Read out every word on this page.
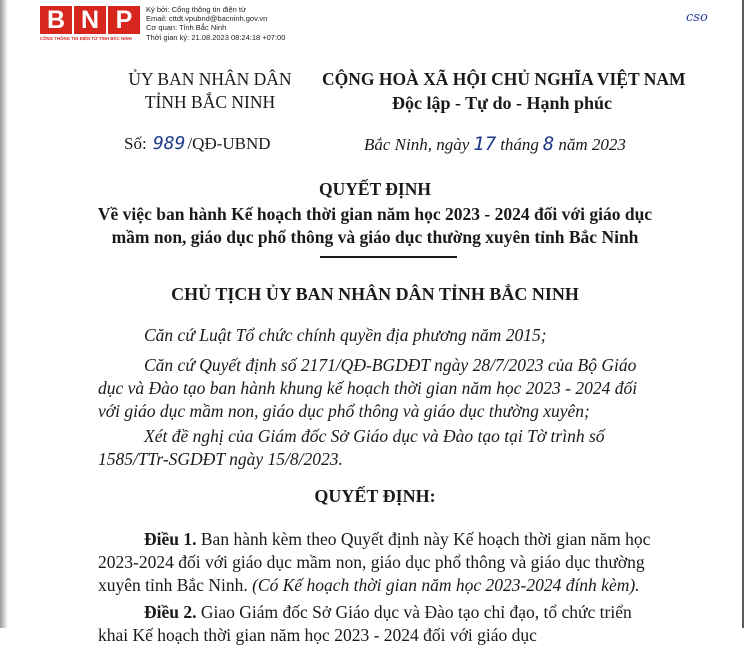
B N P
CỔNG THÔNG TIN ĐIỆN TỬ TỈNH BẮC NINH
Ký bởi: Cổng thông tin điện tử
Email: cttdt.vpubnd@bacninh.gov.vn
Cơ quan: Tỉnh Bắc Ninh
Thời gian ký: 21.08.2023 08:24:18 +07:00
cso
ỦY BAN NHÂN DÂN
TỈNH BẮC NINH
CỘNG HOÀ XÃ HỘI CHỦ NGHĨA VIỆT NAM
Độc lập - Tự do - Hạnh phúc
Số: 989 /QĐ-UBND	Bắc Ninh, ngày 17 tháng 8 năm 2023
QUYẾT ĐỊNH
Về việc ban hành Kế hoạch thời gian năm học 2023 - 2024 đối với giáo dục
mầm non, giáo dục phổ thông và giáo dục thường xuyên tỉnh Bắc Ninh
CHỦ TỊCH ỦY BAN NHÂN DÂN TỈNH BẮC NINH
Căn cứ Luật Tổ chức chính quyền địa phương năm 2015;
Căn cứ Quyết định số 2171/QĐ-BGDĐT ngày 28/7/2023 của Bộ Giáo
dục và Đào tạo ban hành khung kế hoạch thời gian năm học 2023 - 2024 đối
với giáo dục mầm non, giáo dục phổ thông và giáo dục thường xuyên;
Xét đề nghị của Giám đốc Sở Giáo dục và Đào tạo tại Tờ trình số
1585/TTr-SGDĐT ngày 15/8/2023.
QUYẾT ĐỊNH:
Điều 1. Ban hành kèm theo Quyết định này Kế hoạch thời gian năm học
2023-2024 đối với giáo dục mầm non, giáo dục phổ thông và giáo dục thường
xuyên tỉnh Bắc Ninh. (Có Kế hoạch thời gian năm học 2023-2024 đính kèm).
Điều 2. Giao Giám đốc Sở Giáo dục và Đào tạo chỉ đạo, tổ chức triển
khai Kế hoạch thời gian năm học 2023 - 2024 đối với giáo dục
